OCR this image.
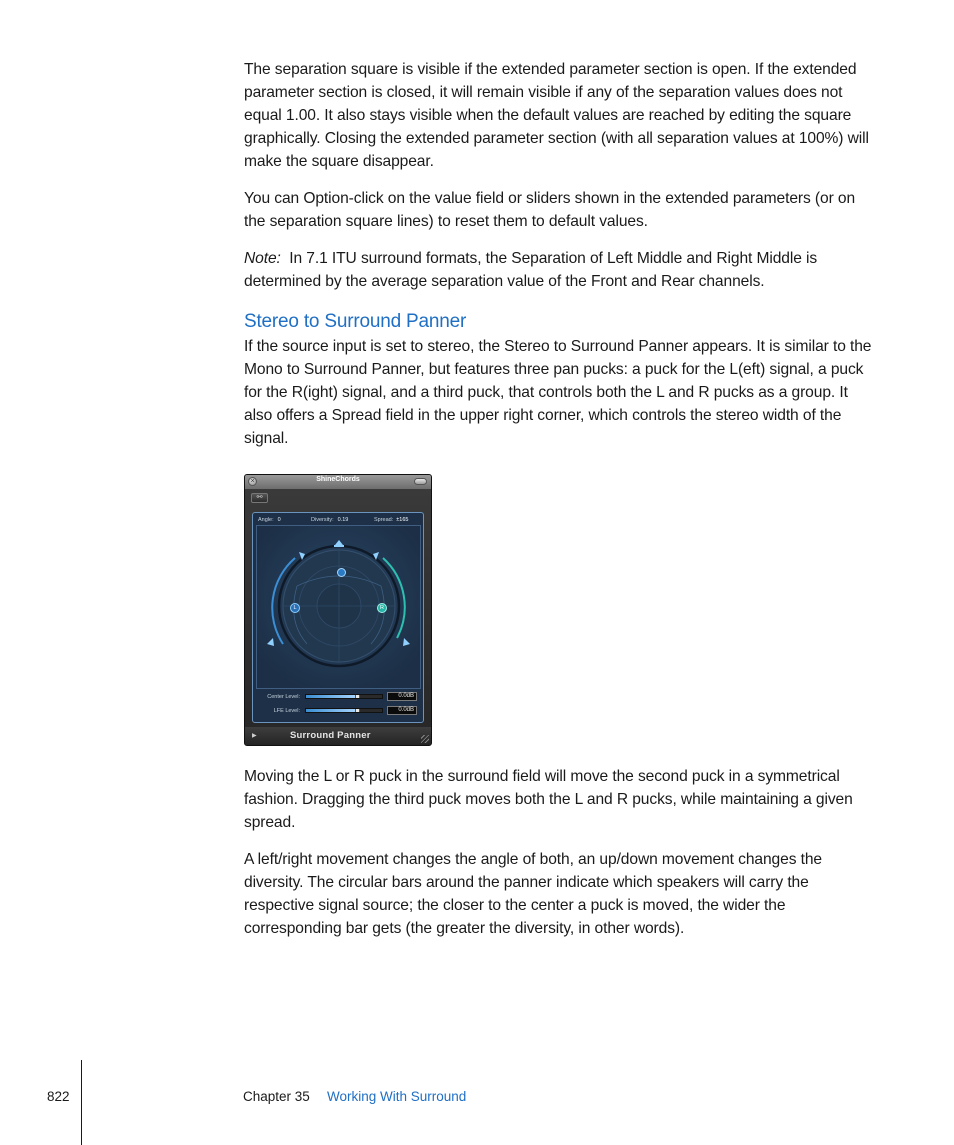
The separation square is visible if the extended parameter section is open. If the extended parameter section is closed, it will remain visible if any of the separation values does not equal 1.00. It also stays visible when the default values are reached by editing the square graphically. Closing the extended parameter section (with all separation values at 100%) will make the square disappear.

You can Option-click on the value field or sliders shown in the extended parameters (or on the separation square lines) to reset them to default values.

Note: In 7.1 ITU surround formats, the Separation of Left Middle and Right Middle is determined by the average separation value of the Front and Rear channels.

Stereo to Surround Panner

If the source input is set to stereo, the Stereo to Surround Panner appears. It is similar to the Mono to Surround Panner, but features three pan pucks: a puck for the L(eft) signal, a puck for the R(ight) signal, and a third puck, that controls both the L and R pucks as a group. It also offers a Spread field in the upper right corner, which controls the stereo width of the signal.

×	ShineChords
⚯
Angle: 0	Diversity: 0.19	Spread: ±165
L	R
Center Level:	0.0dB
LFE Level:	0.0dB
▶	Surround Panner

Moving the L or R puck in the surround field will move the second puck in a symmetrical fashion. Dragging the third puck moves both the L and R pucks, while maintaining a given spread.

A left/right movement changes the angle of both, an up/down movement changes the diversity. The circular bars around the panner indicate which speakers will carry the respective signal source; the closer to the center a puck is moved, the wider the corresponding bar gets (the greater the diversity, in other words).

822	Chapter 35 Working With Surround
